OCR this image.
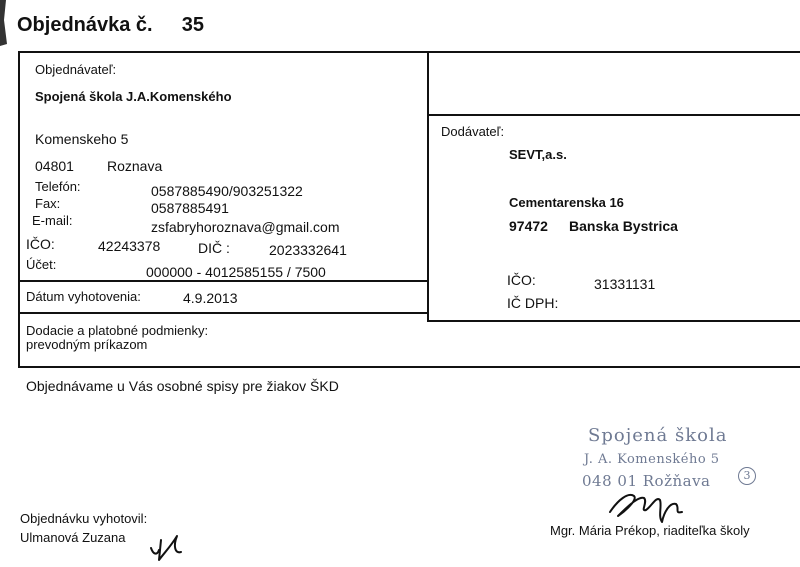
Objednávka č. 35
Objednávateľ:
Spojená škola J.A.Komenského
Komenskeho 5
04801 Roznava
Telefón:	0587885490/903251322
Fax:	0587885491
E-mail:	zsfabryhoroznava@gmail.com
IČO:	42243378	DIČ :	2023332641
Účet:	000000 - 4012585155 / 7500
Dátum vyhotovenia:	4.9.2013
Dodávateľ:
SEVT,a.s.
Cementarenska 16
97472 Banska Bystrica
IČO:	31331131
IČ DPH:
Dodacie a platobné podmienky:
prevodným príkazom
Objednávame u Vás osobné spisy pre žiakov ŠKD
Spojená škola
J. A. Komenského 5
048 01 Rožňava	3
Objednávku vyhotovil:
Ulmanová Zuzana	Mgr. Mária Prékop, riaditeľka školy
